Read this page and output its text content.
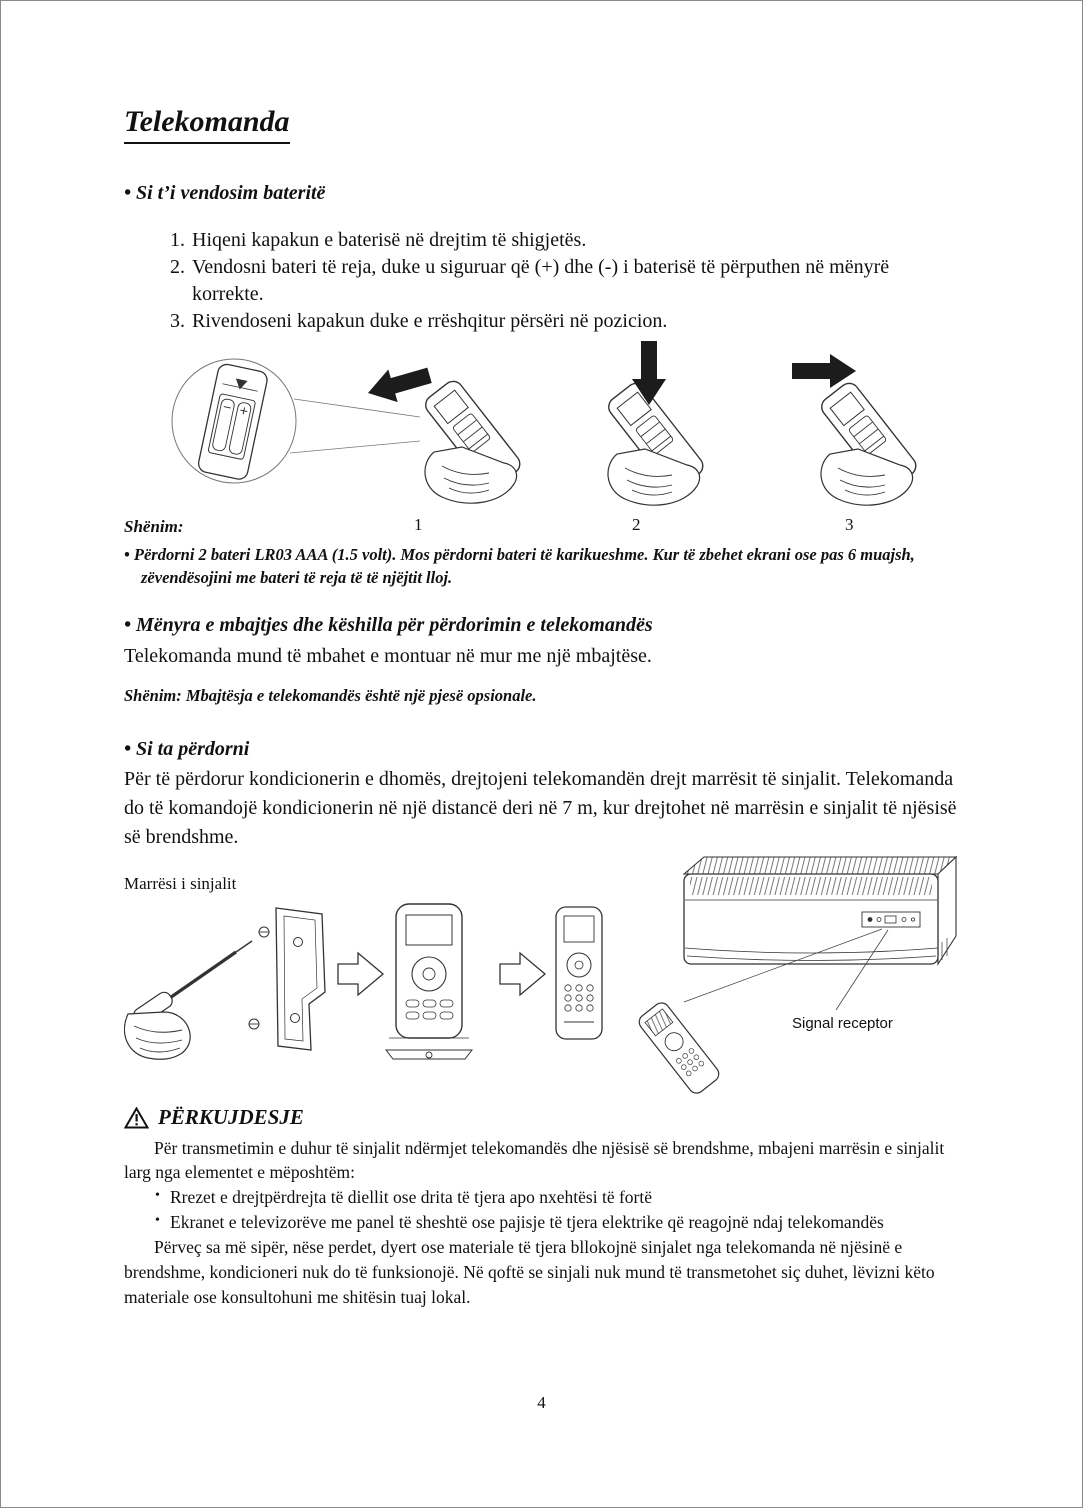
Telekomanda
• Si t’i vendosim bateritë
1. Hiqeni kapakun e baterisë në drejtim të shigjetës.
2. Vendosni bateri të reja, duke u siguruar që (+) dhe (-) i baterisë të përputhen në mënyrë korrekte.
3. Rivendoseni kapakun duke e rrëshqitur përsëri në pozicion.
1	2	3
Shënim:
• Përdorni 2 bateri LR03 AAA (1.5 volt). Mos përdorni bateri të karikueshme. Kur të zbehet ekrani ose pas 6 muajsh, zëvendësojini me bateri të reja të të njëjtit lloj.
• Mënyra e mbajtjes dhe këshilla për përdorimin e telekomandës
Telekomanda mund të mbahet e montuar në mur me një mbajtëse.
Shënim: Mbajtësja e telekomandës është një pjesë opsionale.
• Si ta përdorni
Për të përdorur kondicionerin e dhomës, drejtojeni telekomandën drejt marrësit të sinjalit. Telekomanda do të komandojë kondicionerin në një distancë deri në 7 m, kur drejtohet në marrësin e sinjalit të njësisë së brendshme.
Signal receptor
Marrësi i sinjalit
PËRKUJDESJE

Për transmetimin e duhur të sinjalit ndërmjet telekomandës dhe njësisë së brendshme, mbajeni marrësin e sinjalit larg nga elementet e mëposhtëm:

• Rrezet e drejtpërdrejta të diellit ose drita të tjera apo nxehtësi të fortë

• Ekranet e televizorëve me panel të sheshtë ose pajisje të tjera elektrike që reagojnë ndaj telekomandës

Përveç sa më sipër, nëse perdet, dyert ose materiale të tjera bllokojnë sinjalet nga telekomanda në njësinë e brendshme, kondicioneri nuk do të funksionojë. Në qoftë se sinjali nuk mund të transmetohet siç duhet, lëvizni këto materiale ose konsultohuni me shitësin tuaj lokal.

4
